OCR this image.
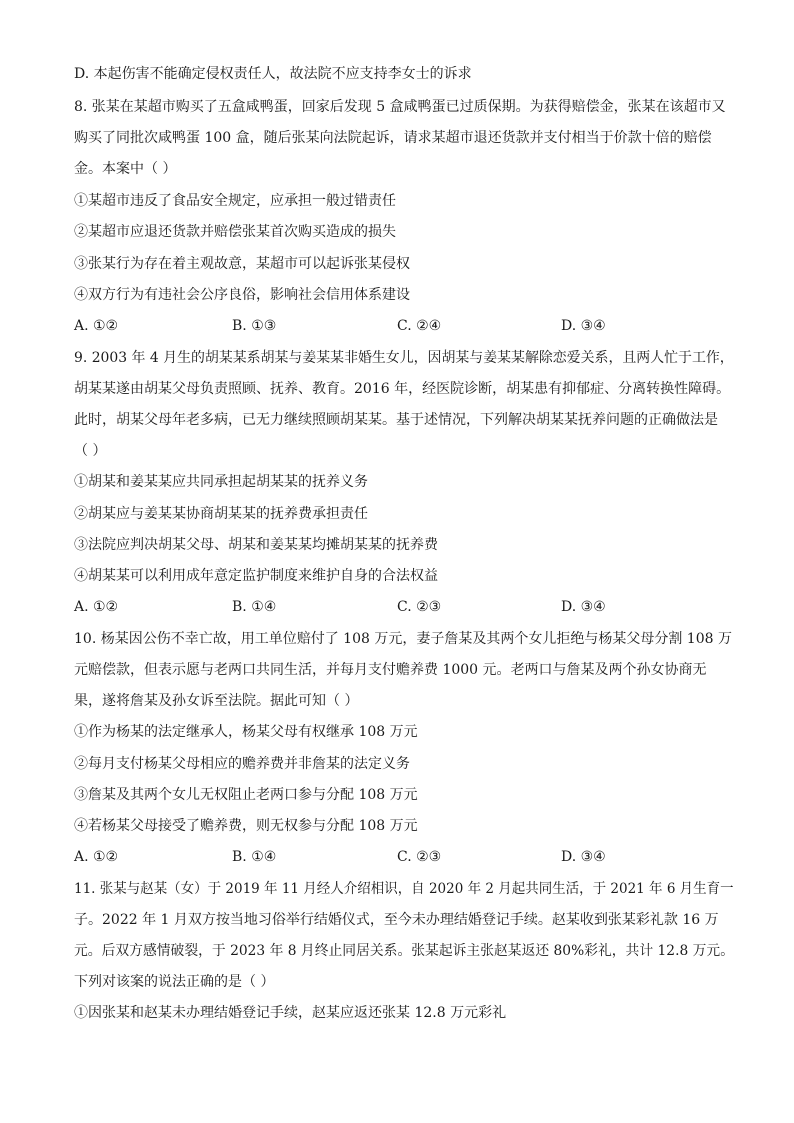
D. 本起伤害不能确定侵权责任人，故法院不应支持李女士的诉求
8. 张某在某超市购买了五盒咸鸭蛋，回家后发现 5 盒咸鸭蛋已过质保期。为获得赔偿金，张某在该超市又
购买了同批次咸鸭蛋 100 盒，随后张某向法院起诉，请求某超市退还货款并支付相当于价款十倍的赔偿
金。本案中（ ）
①某超市违反了食品安全规定，应承担一般过错责任
②某超市应退还货款并赔偿张某首次购买造成的损失
③张某行为存在着主观故意，某超市可以起诉张某侵权
④双方行为有违社会公序良俗，影响社会信用体系建设
A. ①②	B. ①③	C. ②④	D. ③④
9. 2003 年 4 月生的胡某某系胡某与姜某某非婚生女儿，因胡某与姜某某解除恋爱关系，且两人忙于工作，
胡某某遂由胡某父母负责照顾、抚养、教育。2016 年，经医院诊断，胡某患有抑郁症、分离转换性障碍。
此时，胡某父母年老多病，已无力继续照顾胡某某。基于述情况，下列解决胡某某抚养问题的正确做法是
（ ）
①胡某和姜某某应共同承担起胡某某的抚养义务
②胡某应与姜某某协商胡某某的抚养费承担责任
③法院应判决胡某父母、胡某和姜某某均摊胡某某的抚养费
④胡某某可以利用成年意定监护制度来维护自身的合法权益
A. ①②	B. ①④	C. ②③	D. ③④
10. 杨某因公伤不幸亡故，用工单位赔付了 108 万元，妻子詹某及其两个女儿拒绝与杨某父母分割 108 万
元赔偿款，但表示愿与老两口共同生活，并每月支付赡养费 1000 元。老两口与詹某及两个孙女协商无
果，遂将詹某及孙女诉至法院。据此可知（ ）
①作为杨某的法定继承人，杨某父母有权继承 108 万元
②每月支付杨某父母相应的赡养费并非詹某的法定义务
③詹某及其两个女儿无权阻止老两口参与分配 108 万元
④若杨某父母接受了赡养费，则无权参与分配 108 万元
A. ①②	B. ①④	C. ②③	D. ③④
11. 张某与赵某（女）于 2019 年 11 月经人介绍相识，自 2020 年 2 月起共同生活，于 2021 年 6 月生育一
子。2022 年 1 月双方按当地习俗举行结婚仪式，至今未办理结婚登记手续。赵某收到张某彩礼款 16 万
元。后双方感情破裂，于 2023 年 8 月终止同居关系。张某起诉主张赵某返还 80%彩礼，共计 12.8 万元。
下列对该案的说法正确的是（ ）
①因张某和赵某未办理结婚登记手续，赵某应返还张某 12.8 万元彩礼
